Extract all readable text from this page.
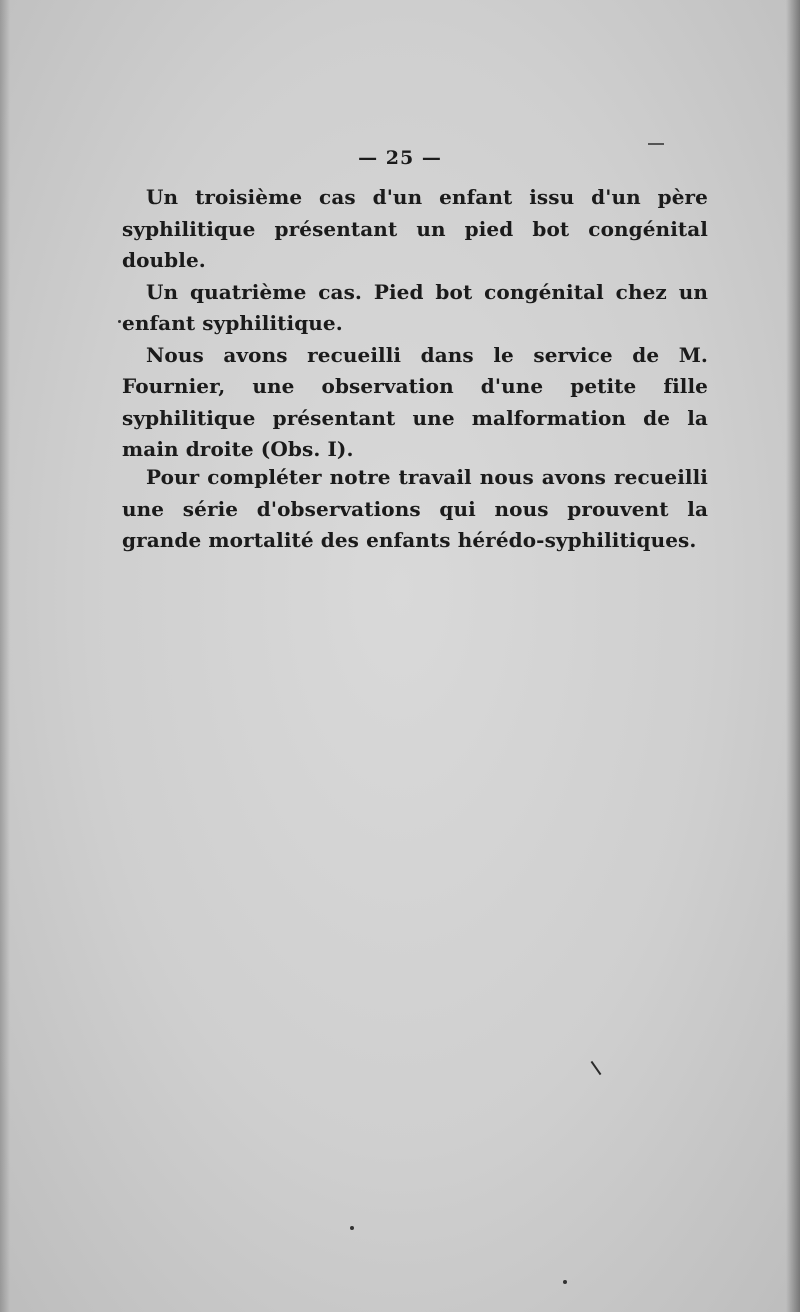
— 25 —

Un troisième cas d'un enfant issu d'un père syphilitique présentant un pied bot congénital double.

Un quatrième cas. Pied bot congénital chez un enfant syphilitique.

Nous avons recueilli dans le service de M. Fournier, une observation d'une petite fille syphilitique présentant une malformation de la main droite (Obs. I).

Pour compléter notre travail nous avons recueilli une série d'observations qui nous prouvent la grande mortalité des enfants hérédo-syphilitiques.
